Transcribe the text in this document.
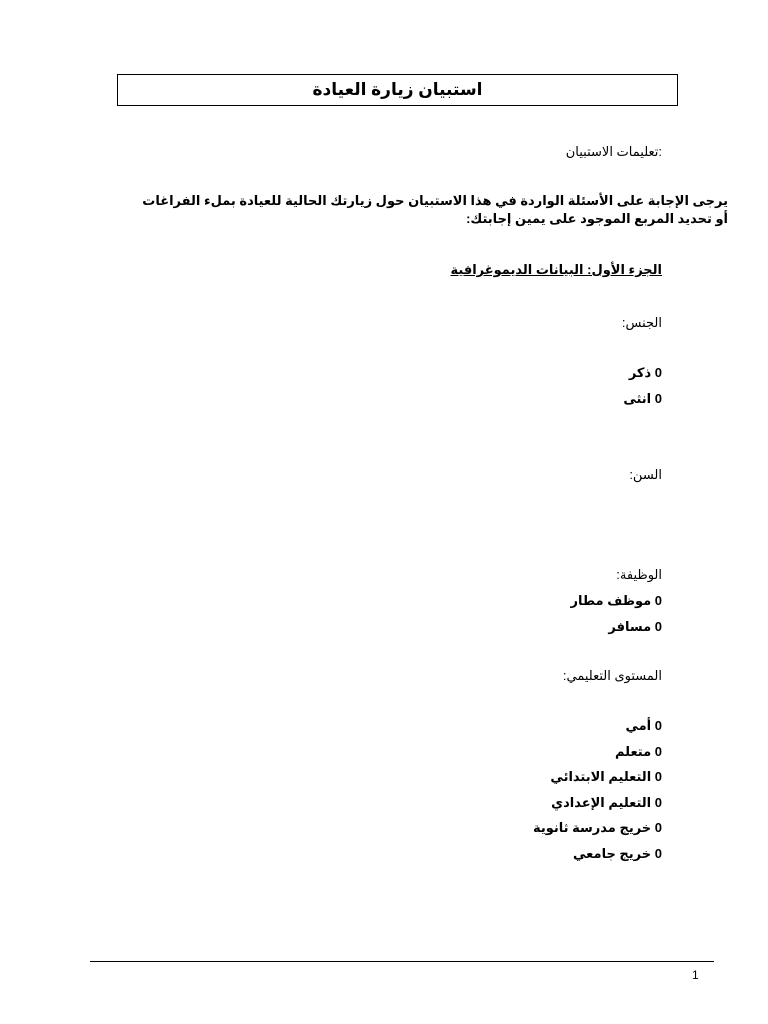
استبيان زيارة العيادة
:تعليمات الاستبيان
يرجى الإجابة على الأسئلة الواردة في هذا الاستبيان حول زيارتك الحالية للعيادة بملء الفراغات أو تحديد المربع الموجود على يمين إجابتك:
الجزء الأول: البيانات الديموغرافية
الجنس:
0 ذكر
0 انثى
السن:
الوظيفة:
0 موظف مطار
0 مسافر
المستوى التعليمي:
0 أمي
0 متعلم
0 التعليم الابتدائي
0 التعليم الإعدادي
0 خريج مدرسة ثانوية
0 خريج جامعي
1
